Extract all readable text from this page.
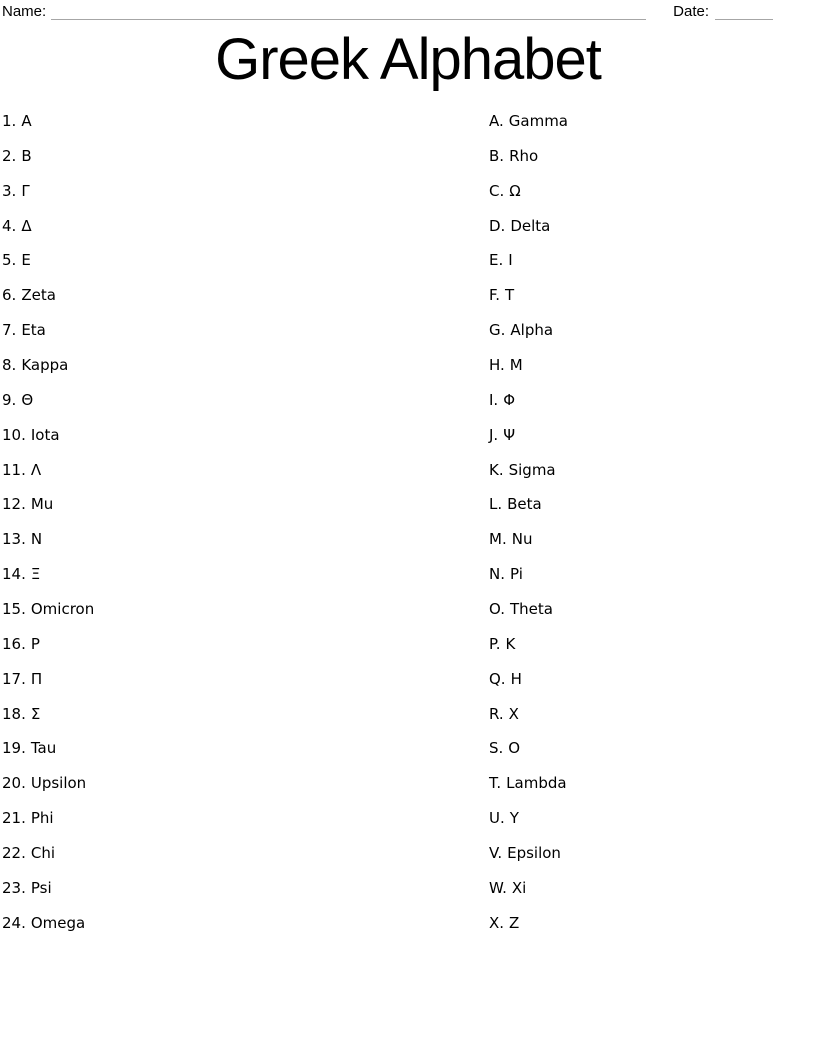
Name:	Date:
Greek Alphabet
1. Α
2. Β
3. Γ
4. Δ
5. Ε
6. Zeta
7. Eta
8. Kappa
9. Θ
10. Iota
11. Λ
12. Mu
13. Ν
14. Ξ
15. Omicron
16. Ρ
17. Π
18. Σ
19. Tau
20. Upsilon
21. Phi
22. Chi
23. Psi
24. Omega
A. Gamma
B. Rho
C. Ω
D. Delta
E. Ι
F. Τ
G. Alpha
H. Μ
I. Φ
J. Ψ
K. Sigma
L. Beta
M. Nu
N. Pi
O. Theta
P. Κ
Q. Η
R. Χ
S. Ο
T. Lambda
U. Υ
V. Epsilon
W. Xi
X. Ζ
